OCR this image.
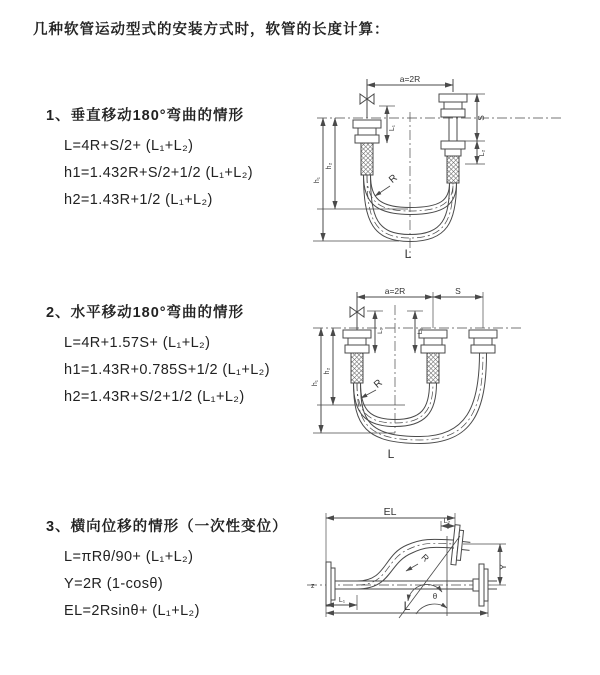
几种软管运动型式的安装方式时，软管的长度计算：
1、垂直移动180°弯曲的情形
L=4R+S/2+ (L₁+L₂)
h1=1.432R+S/2+1/2 (L₁+L₂)
h2=1.43R+1/2 (L₁+L₂)
2、水平移动180°弯曲的情形
L=4R+1.57S+ (L₁+L₂)
h1=1.43R+0.785S+1/2 (L₁+L₂)
h2=1.43R+S/2+1/2 (L₁+L₂)
3、横向位移的情形（一次性变位）
L=πRθ/90+ (L₁+L₂)
Y=2R (1-cosθ)
EL=2Rsinθ+ (L₁+L₂)
a=2R
L₁
S
L₂
h₁
h₂
R
L
a=2R	S
L₁	L₂
h₁
h₂
R
L
EL
L₂
Y
R
θ
L
L₁
z
